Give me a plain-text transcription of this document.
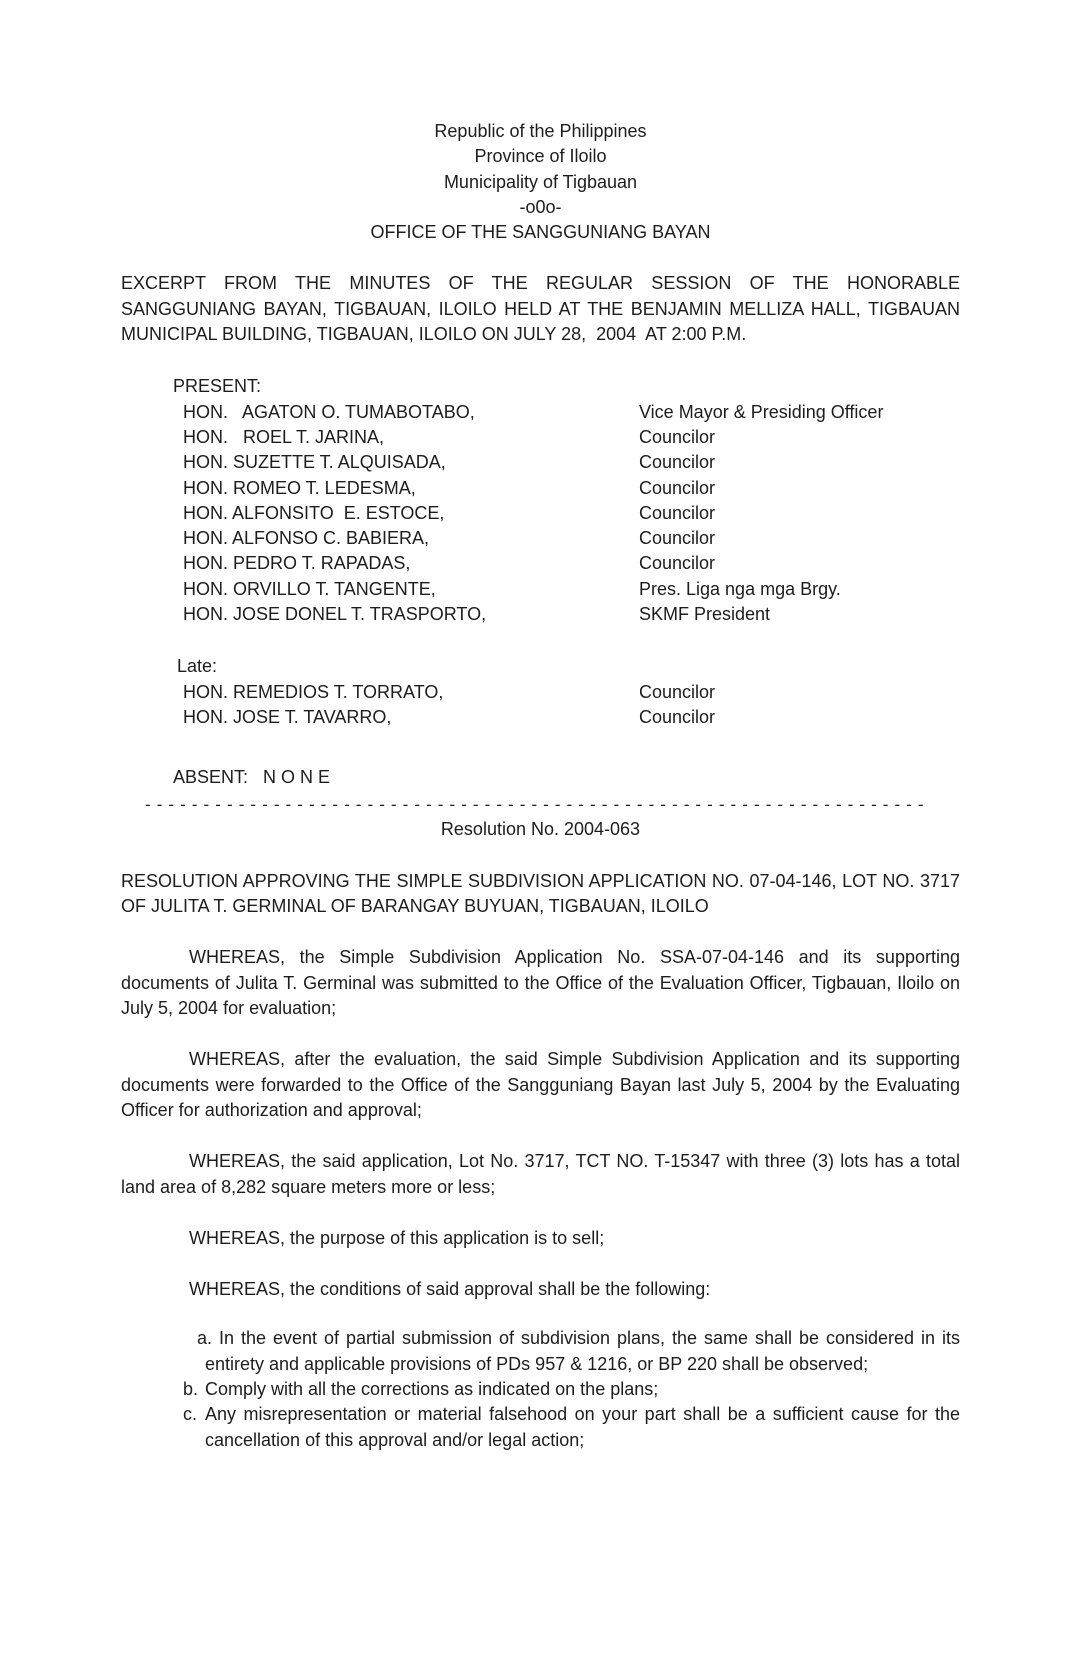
Republic of the Philippines
Province of Iloilo
Municipality of Tigbauan
-o0o-
OFFICE OF THE SANGGUNIANG BAYAN

EXCERPT FROM THE MINUTES OF THE REGULAR SESSION OF THE HONORABLE SANGGUNIANG BAYAN, TIGBAUAN, ILOILO HELD AT THE BENJAMIN MELLIZA HALL, TIGBAUAN MUNICIPAL BUILDING, TIGBAUAN, ILOILO ON JULY 28,  2004  AT 2:00 P.M.

PRESENT:
HON.   AGATON O. TUMABOTABO,	Vice Mayor & Presiding Officer
HON.   ROEL T. JARINA,	Councilor
HON. SUZETTE T. ALQUISADA,	Councilor
HON. ROMEO T. LEDESMA,	Councilor
HON. ALFONSITO  E. ESTOCE,	Councilor
HON. ALFONSO C. BABIERA,	Councilor
HON. PEDRO T. RAPADAS,	Councilor
HON. ORVILLO T. TANGENTE,	Pres. Liga nga mga Brgy.
HON. JOSE DONEL T. TRASPORTO,	SKMF President
Late:
HON. REMEDIOS T. TORRATO,	Councilor
HON. JOSE T. TAVARRO,	Councilor
ABSENT:   N O N E
-------------------------------------------------------------------
Resolution No. 2004-063

RESOLUTION APPROVING THE SIMPLE SUBDIVISION APPLICATION NO. 07-04-146, LOT NO. 3717 OF JULITA T. GERMINAL OF BARANGAY BUYUAN, TIGBAUAN, ILOILO

WHEREAS, the Simple Subdivision Application No. SSA-07-04-146 and its supporting documents of Julita T. Germinal was submitted to the Office of the Evaluation Officer, Tigbauan, Iloilo on July 5, 2004 for evaluation;

WHEREAS, after the evaluation, the said Simple Subdivision Application and its supporting documents were forwarded to the Office of the Sangguniang Bayan last July 5, 2004 by the Evaluating Officer for authorization and approval;

WHEREAS, the said application, Lot No. 3717, TCT NO. T-15347 with three (3) lots has a total land area of 8,282 square meters more or less;

WHEREAS, the purpose of this application is to sell;

WHEREAS, the conditions of said approval shall be the following:

a. In the event of partial submission of subdivision plans, the same shall be considered in its entirety and applicable provisions of PDs 957 & 1216, or BP 220 shall be observed;
b. Comply with all the corrections as indicated on the plans;
c. Any misrepresentation or material falsehood on your part shall be a sufficient cause for the cancellation of this approval and/or legal action;
